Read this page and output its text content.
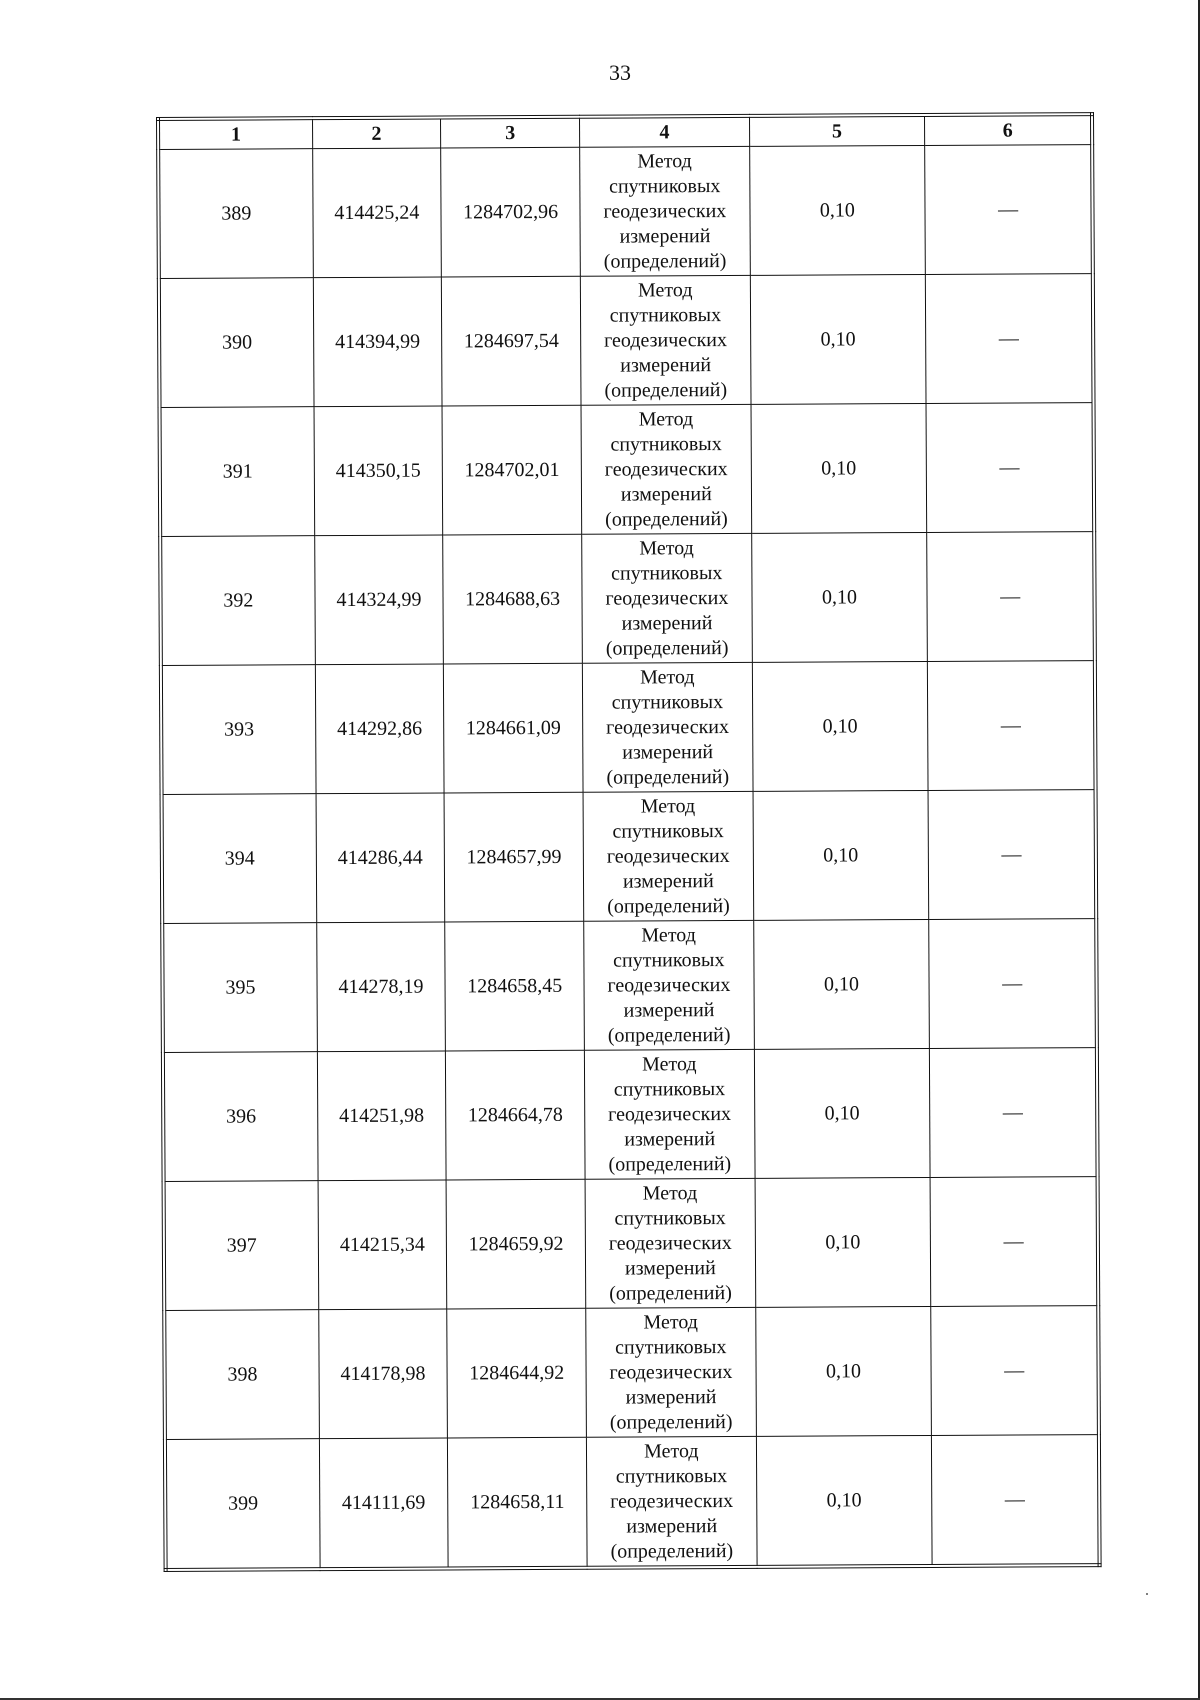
33
1	2	3	4	5	6
389	414425,24	1284702,96	Метод
спутниковых
геодезических
измерений
(определений)	0,10	—
390	414394,99	1284697,54	Метод
спутниковых
геодезических
измерений
(определений)	0,10	—
391	414350,15	1284702,01	Метод
спутниковых
геодезических
измерений
(определений)	0,10	—
392	414324,99	1284688,63	Метод
спутниковых
геодезических
измерений
(определений)	0,10	—
393	414292,86	1284661,09	Метод
спутниковых
геодезических
измерений
(определений)	0,10	—
394	414286,44	1284657,99	Метод
спутниковых
геодезических
измерений
(определений)	0,10	—
395	414278,19	1284658,45	Метод
спутниковых
геодезических
измерений
(определений)	0,10	—
396	414251,98	1284664,78	Метод
спутниковых
геодезических
измерений
(определений)	0,10	—
397	414215,34	1284659,92	Метод
спутниковых
геодезических
измерений
(определений)	0,10	—
398	414178,98	1284644,92	Метод
спутниковых
геодезических
измерений
(определений)	0,10	—
399	414111,69	1284658,11	Метод
спутниковых
геодезических
измерений
(определений)	0,10	—
